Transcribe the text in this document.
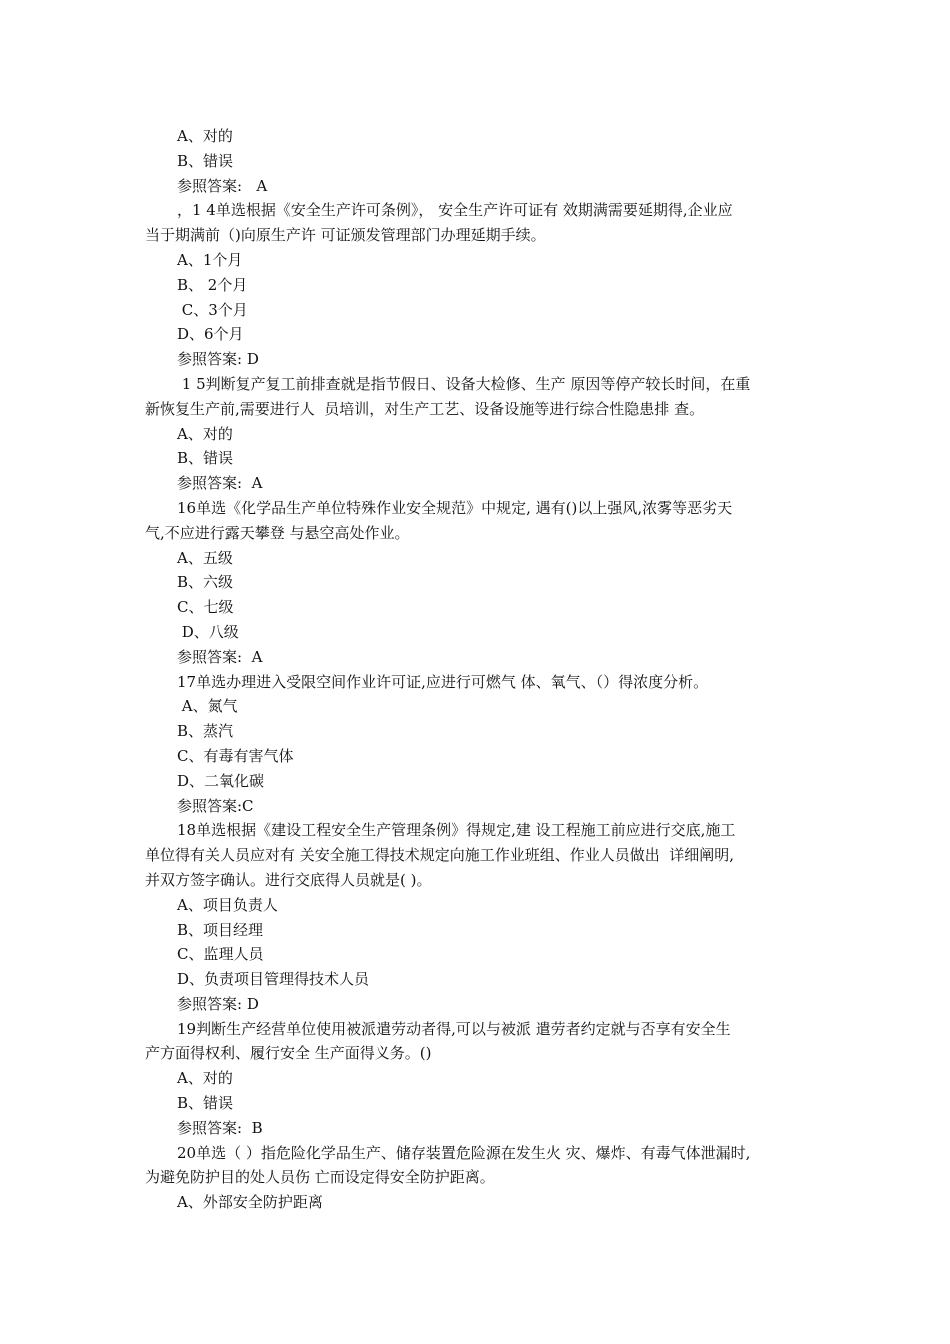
A、对的
B、错误
参照答案:   A
，1 4单选根据《安全生产许可条例》， 安全生产许可证有 效期满需要延期得,企业应
当于期满前（)向原生产许 可证颁发管理部门办理延期手续。
A、1个月
B、 2个月
C、3个月
D、6个月
参照答案: D
1 5判断复产复工前排查就是指节假日、设备大检修、生产 原因等停产较长时间，在重
新恢复生产前,需要进行人  员培训，对生产工艺、设备设施等进行综合性隐患排 查。
A、对的
B、错误
参照答案:  A
16单选《化学品生产单位特殊作业安全规范》中规定, 遇有()以上强风,浓雾等恶劣天
气,不应进行露天攀登 与悬空高处作业。
A、五级
B、六级
C、七级
D、八级
参照答案:  A
17单选办理进入受限空间作业许可证,应进行可燃气 体、氧气、（）得浓度分析。
A、氮气
B、蒸汽
C、有毒有害气体
D、二氧化碳
参照答案:C
18单选根据《建设工程安全生产管理条例》得规定,建 设工程施工前应进行交底,施工
单位得有关人员应对有 关安全施工得技术规定向施工作业班组、作业人员做出  详细阐明,
并双方签字确认。进行交底得人员就是( )。
A、项目负责人
B、项目经理
C、监理人员
D、负责项目管理得技术人员
参照答案: D
19判断生产经营单位使用被派遣劳动者得,可以与被派 遣劳者约定就与否享有安全生
产方面得权利、履行安全 生产面得义务。()
A、对的
B、错误
参照答案:  B
20单选（ ）指危险化学品生产、储存装置危险源在发生火 灾、爆炸、有毒气体泄漏时,
为避免防护目的处人员伤 亡而设定得安全防护距离。
A、外部安全防护距离
